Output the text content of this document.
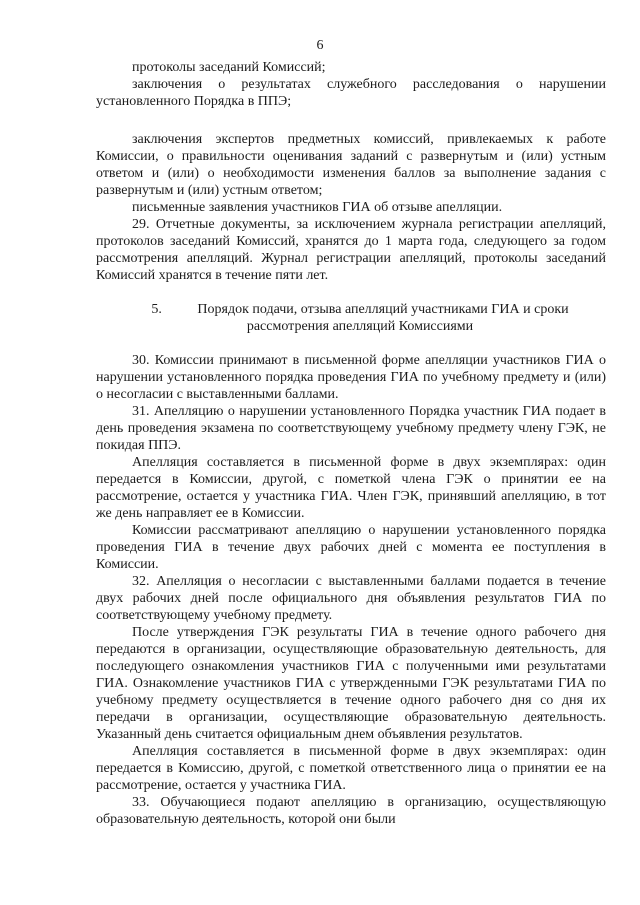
6

протоколы заседаний Комиссий;

заключения о результатах служебного расследования о нарушении установленного Порядка в ППЭ;

заключения экспертов предметных комиссий, привлекаемых к работе Комиссии, о правильности оценивания заданий с развернутым и (или) устным ответом и (или) о необходимости изменения баллов за выполнение задания с развернутым и (или) устным ответом;

письменные заявления участников ГИА об отзыве апелляции.

29. Отчетные документы, за исключением журнала регистрации апелляций, протоколов заседаний Комиссий, хранятся до 1 марта года, следующего за годом рассмотрения апелляций. Журнал регистрации апелляций, протоколы заседаний Комиссий хранятся в течение пяти лет.

5.	Порядок подачи, отзыва апелляций участниками ГИА и сроки рассмотрения апелляций Комиссиями

30. Комиссии принимают в письменной форме апелляции участников ГИА о нарушении установленного порядка проведения ГИА по учебному предмету и (или) о несогласии с выставленными баллами.

31. Апелляцию о нарушении установленного Порядка участник ГИА подает в день проведения экзамена по соответствующему учебному предмету члену ГЭК, не покидая ППЭ.

Апелляция составляется в письменной форме в двух экземплярах: один передается в Комиссии, другой, с пометкой члена ГЭК о принятии ее на рассмотрение, остается у участника ГИА. Член ГЭК, принявший апелляцию, в тот же день направляет ее в Комиссии.

Комиссии рассматривают апелляцию о нарушении установленного порядка проведения ГИА в течение двух рабочих дней с момента ее поступления в Комиссии.

32. Апелляция о несогласии с выставленными баллами подается в течение двух рабочих дней после официального дня объявления результатов ГИА по соответствующему учебному предмету.

После утверждения ГЭК результаты ГИА в течение одного рабочего дня передаются в организации, осуществляющие образовательную деятельность, для последующего ознакомления участников ГИА с полученными ими результатами ГИА. Ознакомление участников ГИА с утвержденными ГЭК результатами ГИА по учебному предмету осуществляется в течение одного рабочего дня со дня их передачи в организации, осуществляющие образовательную деятельность. Указанный день считается официальным днем объявления результатов.

Апелляция составляется в письменной форме в двух экземплярах: один передается в Комиссию, другой, с пометкой ответственного лица о принятии ее на рассмотрение, остается у участника ГИА.

33. Обучающиеся подают апелляцию в организацию, осуществляющую образовательную деятельность, которой они были
